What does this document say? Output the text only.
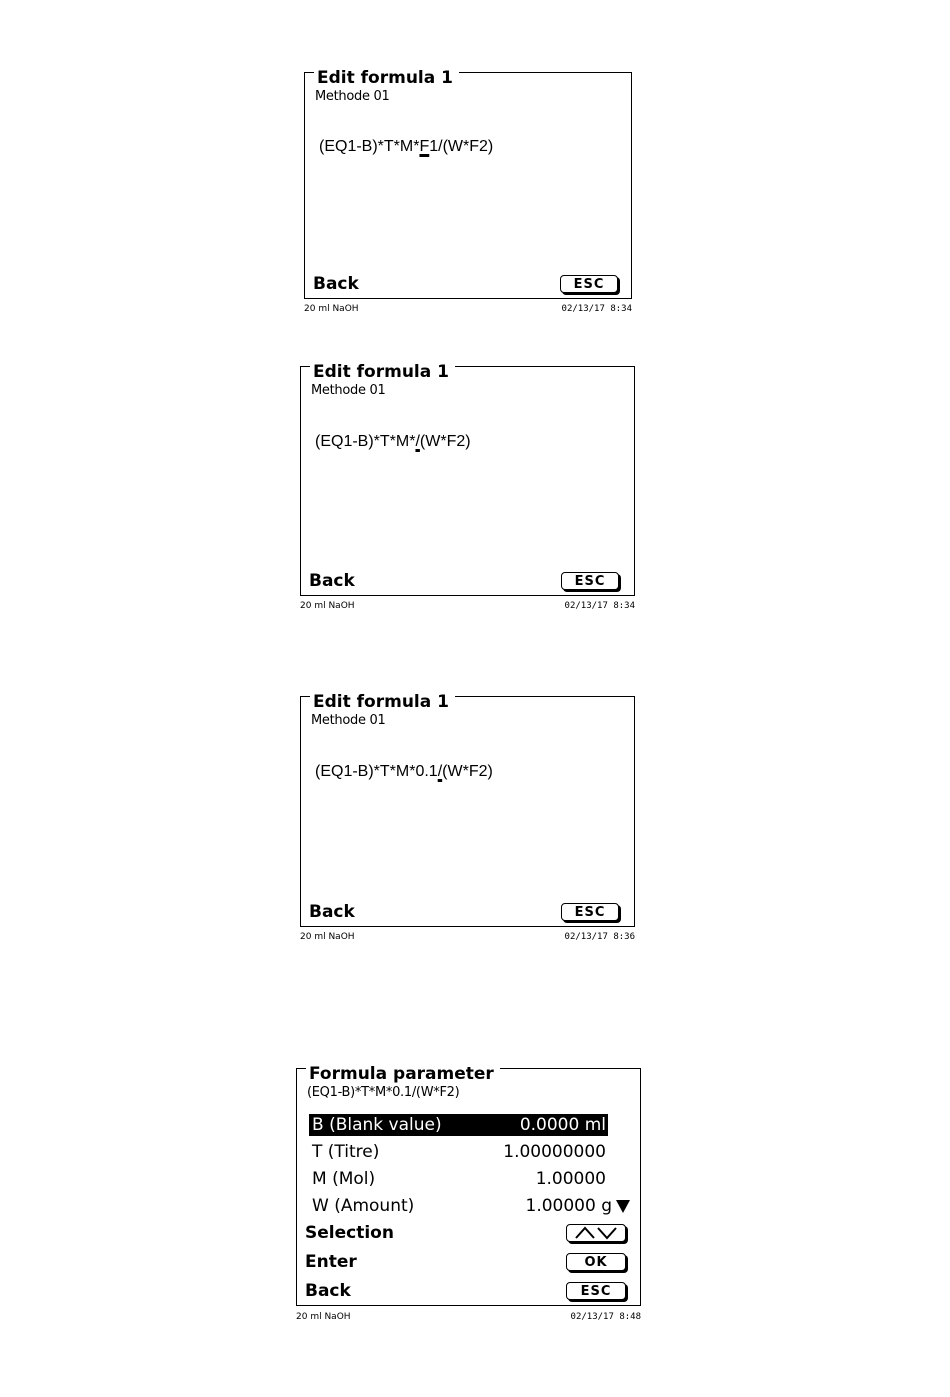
Edit formula 1
Methode 01
(EQ1-B)*T*M*F1/(W*F2)
Back	ESC
20 ml NaOH	02/13/17 8:34
Edit formula 1
Methode 01
(EQ1-B)*T*M*/(W*F2)
Back	ESC
20 ml NaOH	02/13/17 8:34
Edit formula 1
Methode 01
(EQ1-B)*T*M*0.1/(W*F2)
Back	ESC
20 ml NaOH	02/13/17 8:36
Formula parameter
(EQ1-B)*T*M*0.1/(W*F2)
B (Blank value)	0.0000 ml
T (Titre)	1.00000000
M (Mol)	1.00000
W (Amount)	1.00000 g
Selection
Enter	OK
Back	ESC
20 ml NaOH	02/13/17 8:48
